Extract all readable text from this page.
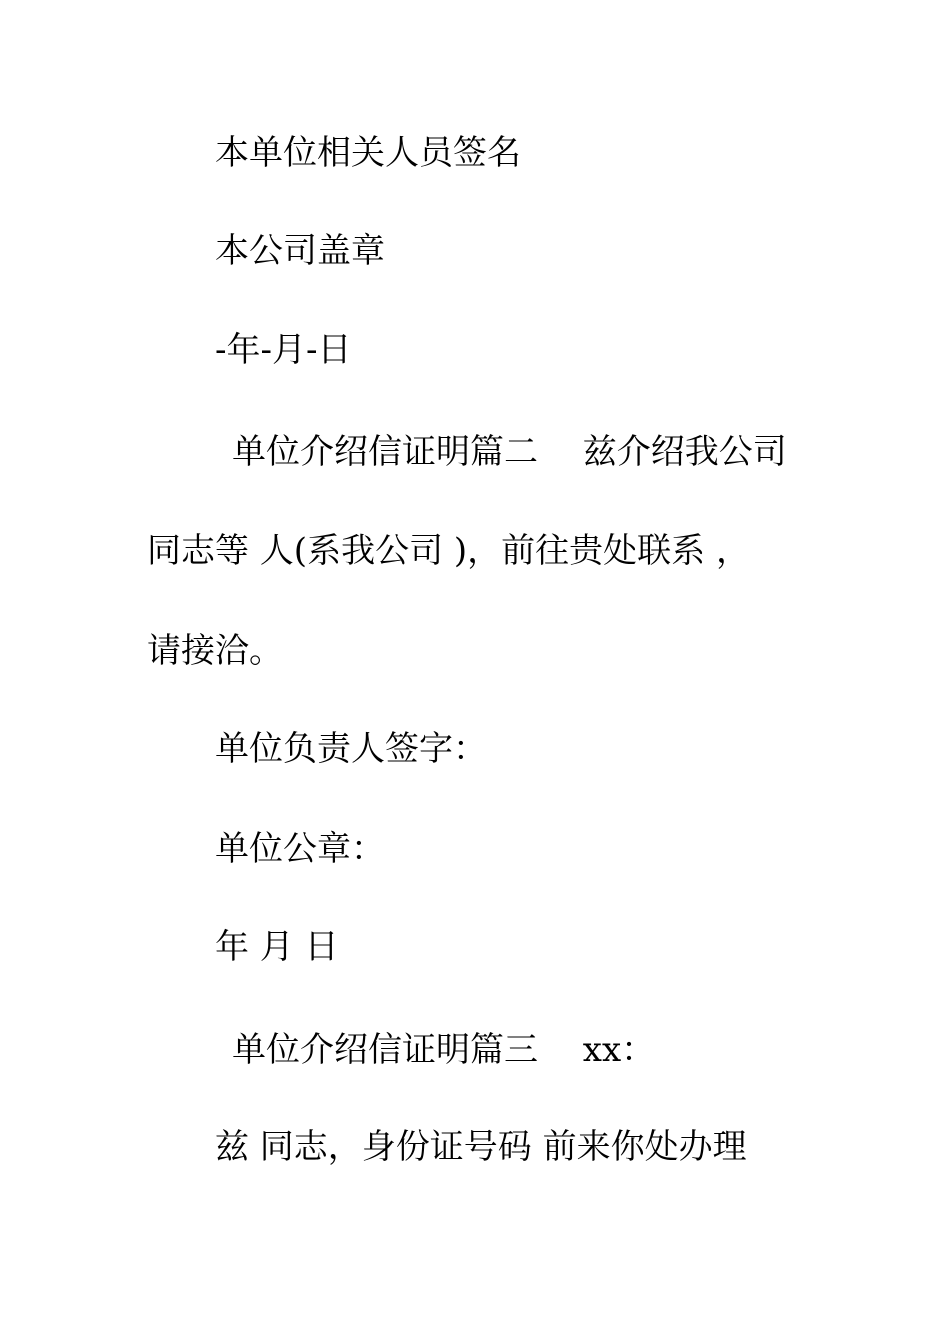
本单位相关人员签名
本公司盖章
-年-月-日
单位介绍信证明篇二　 兹介绍我公司
同志等 人(系我公司 )，前往贵处联系 ，
请接洽。
单位负责人签字：
单位公章：
年 月 日
单位介绍信证明篇三　 xx：
兹 同志，身份证号码 前来你处办理
